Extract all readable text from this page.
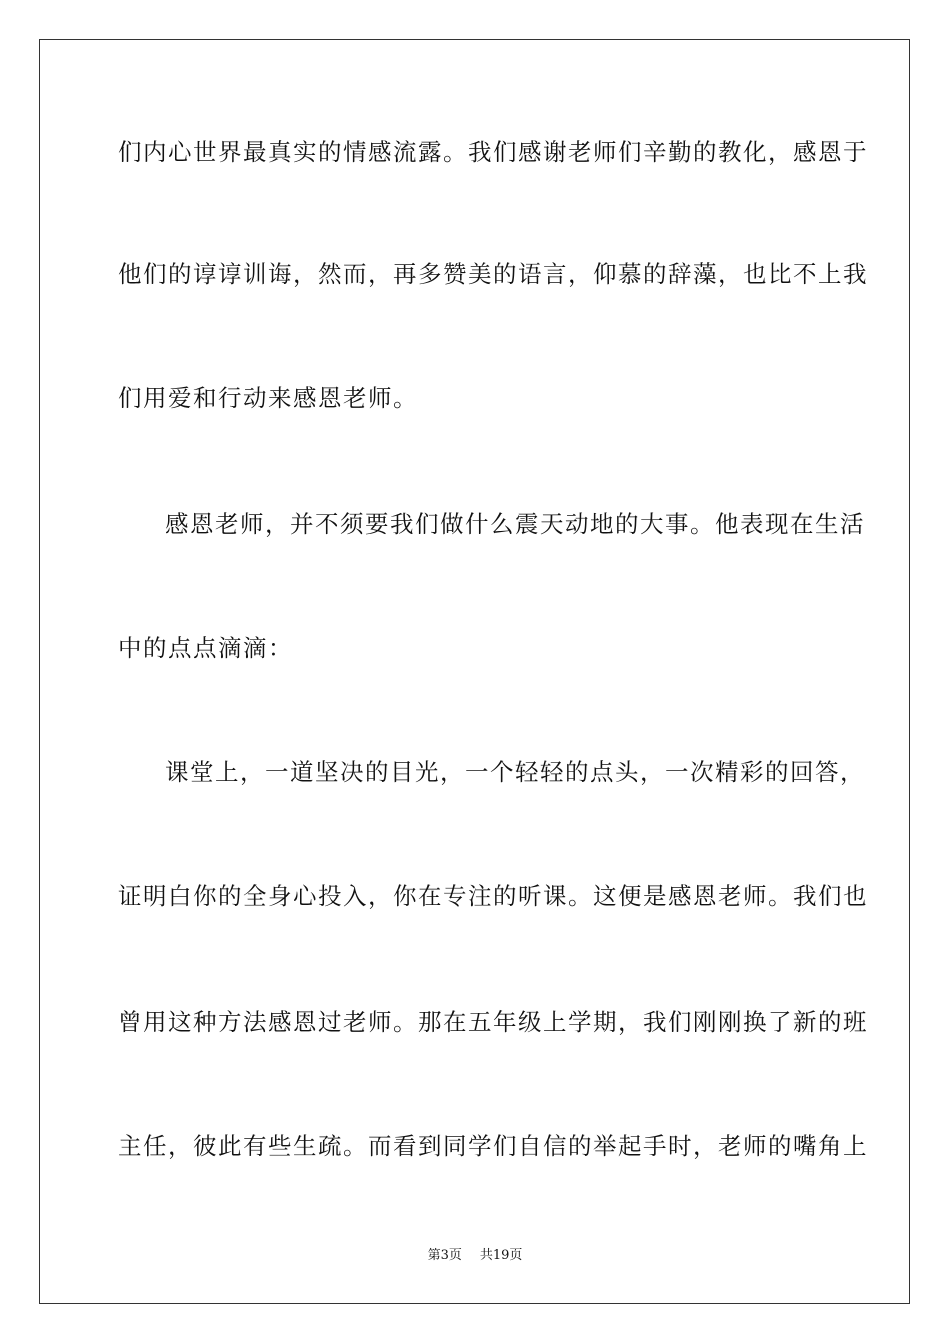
们内心世界最真实的情感流露。我们感谢老师们辛勤的教化，感恩于
他们的谆谆训诲，然而，再多赞美的语言，仰慕的辞藻，也比不上我
们用爱和行动来感恩老师。
感恩老师，并不须要我们做什么震天动地的大事。他表现在生活
中的点点滴滴：
课堂上，一道坚决的目光，一个轻轻的点头，一次精彩的回答，
证明白你的全身心投入，你在专注的听课。这便是感恩老师。我们也
曾用这种方法感恩过老师。那在五年级上学期，我们刚刚换了新的班
主任，彼此有些生疏。而看到同学们自信的举起手时，老师的嘴角上
第3页 共19页
